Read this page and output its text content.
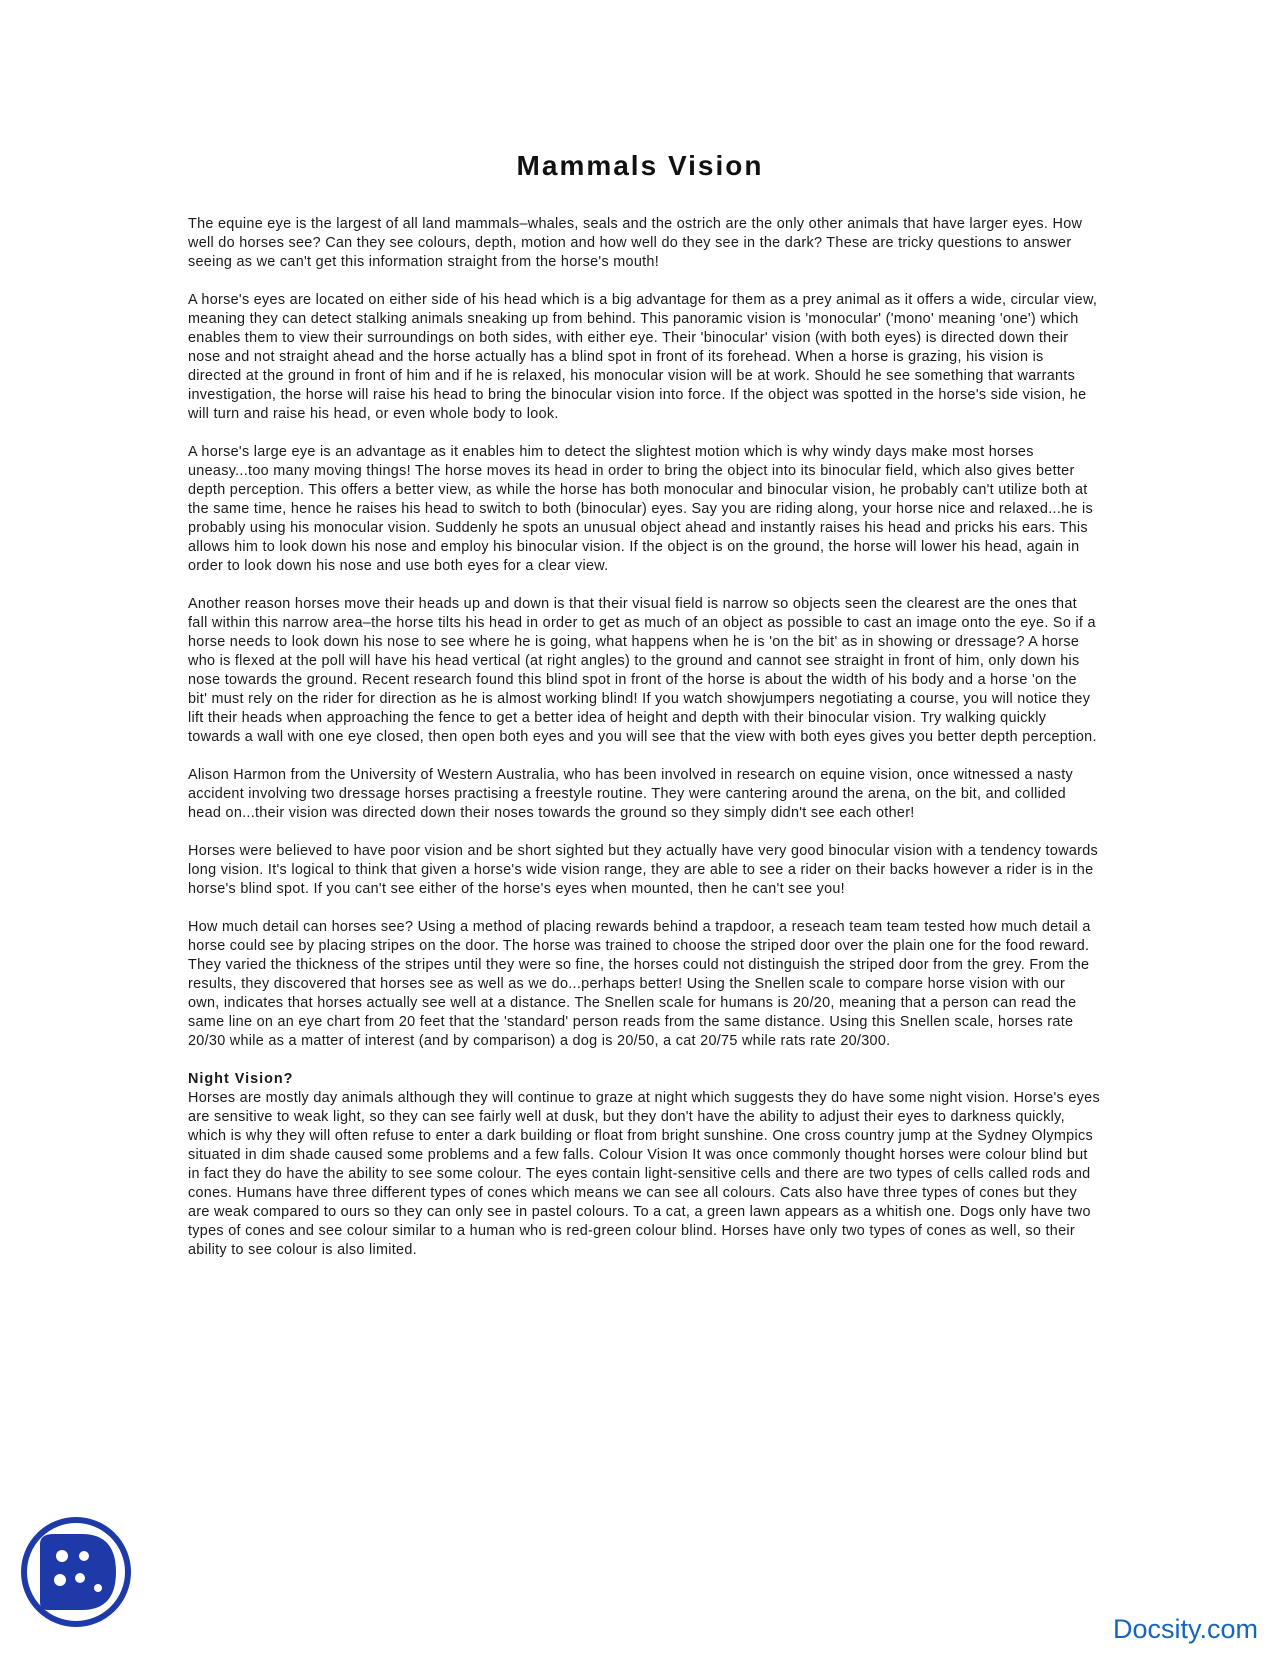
Mammals Vision

The equine eye is the largest of all land mammals–whales, seals and the ostrich are the only other animals that have larger eyes. How well do horses see? Can they see colours, depth, motion and how well do they see in the dark? These are tricky questions to answer seeing as we can't get this information straight from the horse's mouth!

A horse's eyes are located on either side of his head which is a big advantage for them as a prey animal as it offers a wide, circular view, meaning they can detect stalking animals sneaking up from behind. This panoramic vision is 'monocular' ('mono' meaning 'one') which enables them to view their surroundings on both sides, with either eye. Their 'binocular' vision (with both eyes) is directed down their nose and not straight ahead and the horse actually has a blind spot in front of its forehead. When a horse is grazing, his vision is directed at the ground in front of him and if he is relaxed, his monocular vision will be at work. Should he see something that warrants investigation, the horse will raise his head to bring the binocular vision into force. If the object was spotted in the horse's side vision, he will turn and raise his head, or even whole body to look.

A horse's large eye is an advantage as it enables him to detect the slightest motion which is why windy days make most horses uneasy...too many moving things! The horse moves its head in order to bring the object into its binocular field, which also gives better depth perception. This offers a better view, as while the horse has both monocular and binocular vision, he probably can't utilize both at the same time, hence he raises his head to switch to both (binocular) eyes. Say you are riding along, your horse nice and relaxed...he is probably using his monocular vision. Suddenly he spots an unusual object ahead and instantly raises his head and pricks his ears. This allows him to look down his nose and employ his binocular vision. If the object is on the ground, the horse will lower his head, again in order to look down his nose and use both eyes for a clear view.

Another reason horses move their heads up and down is that their visual field is narrow so objects seen the clearest are the ones that fall within this narrow area–the horse tilts his head in order to get as much of an object as possible to cast an image onto the eye. So if a horse needs to look down his nose to see where he is going, what happens when he is 'on the bit' as in showing or dressage? A horse who is flexed at the poll will have his head vertical (at right angles) to the ground and cannot see straight in front of him, only down his nose towards the ground. Recent research found this blind spot in front of the horse is about the width of his body and a horse 'on the bit' must rely on the rider for direction as he is almost working blind! If you watch showjumpers negotiating a course, you will notice they lift their heads when approaching the fence to get a better idea of height and depth with their binocular vision. Try walking quickly towards a wall with one eye closed, then open both eyes and you will see that the view with both eyes gives you better depth perception.

Alison Harmon from the University of Western Australia, who has been involved in research on equine vision, once witnessed a nasty accident involving two dressage horses practising a freestyle routine. They were cantering around the arena, on the bit, and collided head on...their vision was directed down their noses towards the ground so they simply didn't see each other!

Horses were believed to have poor vision and be short sighted but they actually have very good binocular vision with a tendency towards long vision. It's logical to think that given a horse's wide vision range, they are able to see a rider on their backs however a rider is in the horse's blind spot. If you can't see either of the horse's eyes when mounted, then he can't see you!

How much detail can horses see? Using a method of placing rewards behind a trapdoor, a reseach team team tested how much detail a horse could see by placing stripes on the door. The horse was trained to choose the striped door over the plain one for the food reward. They varied the thickness of the stripes until they were so fine, the horses could not distinguish the striped door from the grey. From the results, they discovered that horses see as well as we do...perhaps better! Using the Snellen scale to compare horse vision with our own, indicates that horses actually see well at a distance. The Snellen scale for humans is 20/20, meaning that a person can read the same line on an eye chart from 20 feet that the 'standard' person reads from the same distance. Using this Snellen scale, horses rate 20/30 while as a matter of interest (and by comparison) a dog is 20/50, a cat 20/75 while rats rate 20/300.

Night Vision?
Horses are mostly day animals although they will continue to graze at night which suggests they do have some night vision. Horse's eyes are sensitive to weak light, so they can see fairly well at dusk, but they don't have the ability to adjust their eyes to darkness quickly, which is why they will often refuse to enter a dark building or float from bright sunshine. One cross country jump at the Sydney Olympics situated in dim shade caused some problems and a few falls. Colour Vision It was once commonly thought horses were colour blind but in fact they do have the ability to see some colour. The eyes contain light-sensitive cells and there are two types of cells called rods and cones. Humans have three different types of cones which means we can see all colours. Cats also have three types of cones but they are weak compared to ours so they can only see in pastel colours. To a cat, a green lawn appears as a whitish one. Dogs only have two types of cones and see colour similar to a human who is red-green colour blind. Horses have only two types of cones as well, so their ability to see colour is also limited.

Docsity.com
